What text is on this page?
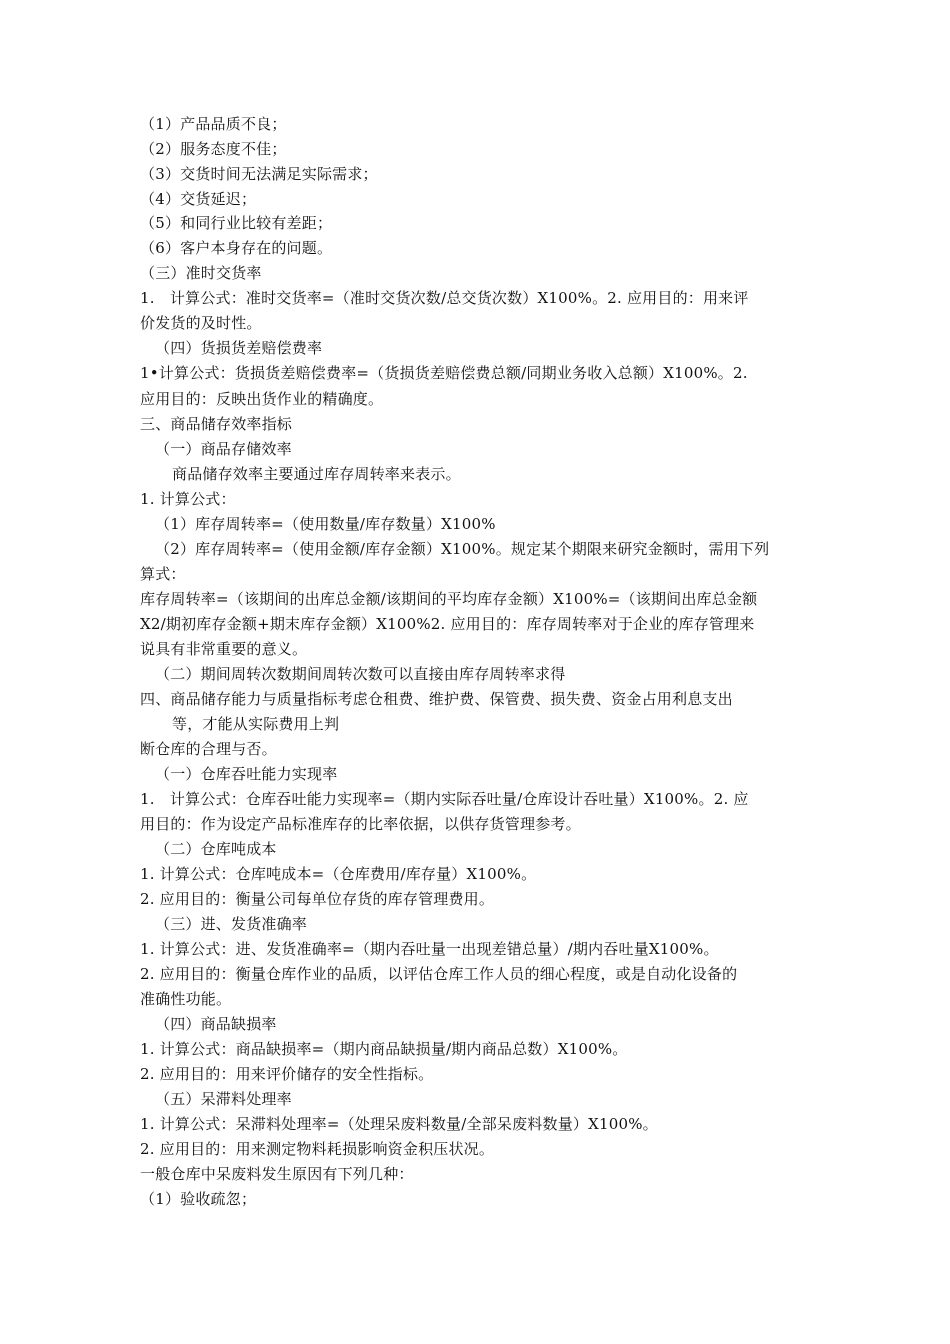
（1）产品品质不良；
（2）服务态度不佳；
（3）交货时间无法满足实际需求；
（4）交货延迟；
（5）和同行业比较有差距；
（6）客户本身存在的问题。
（三）准时交货率
1.　计算公式：准时交货率=（准时交货次数/总交货次数）X100%。2. 应用目的：用来评
价发货的及时性。
（四）货损货差赔偿费率
1•计算公式：货损货差赔偿费率=（货损货差赔偿费总额/同期业务收入总额）X100%。2.
应用目的：反映出货作业的精确度。
三、商品储存效率指标
（一）商品存储效率
商品储存效率主要通过库存周转率来表示。
1. 计算公式：
（1）库存周转率=（使用数量/库存数量）X100%
（2）库存周转率=（使用金额/库存金额）X100%。规定某个期限来研究金额时，需用下列
算式：
库存周转率=（该期间的出库总金额/该期间的平均库存金额）X100%=（该期间出库总金额
X2/期初库存金额+期末库存金额）X100%2. 应用目的：库存周转率对于企业的库存管理来
说具有非常重要的意义。
（二）期间周转次数期间周转次数可以直接由库存周转率求得
四、商品储存能力与质量指标考虑仓租费、维护费、保管费、损失费、资金占用利息支出
等，才能从实际费用上判
断仓库的合理与否。
（一）仓库吞吐能力实现率
1.　计算公式：仓库吞吐能力实现率=（期内实际吞吐量/仓库设计吞吐量）X100%。2. 应
用目的：作为设定产品标准库存的比率依据，以供存货管理参考。
（二）仓库吨成本
1. 计算公式：仓库吨成本=（仓库费用/库存量）X100%。
2. 应用目的：衡量公司每单位存货的库存管理费用。
（三）进、发货准确率
1. 计算公式：进、发货准确率=（期内吞吐量一出现差错总量）/期内吞吐量X100%。
2. 应用目的：衡量仓库作业的品质，以评估仓库工作人员的细心程度，或是自动化设备的
准确性功能。
（四）商品缺损率
1. 计算公式：商品缺损率=（期内商品缺损量/期内商品总数）X100%。
2. 应用目的：用来评价储存的安全性指标。
（五）呆滞料处理率
1. 计算公式：呆滞料处理率=（处理呆废料数量/全部呆废料数量）X100%。
2. 应用目的：用来测定物料耗损影响资金积压状况。
一般仓库中呆废料发生原因有下列几种：
（1）验收疏忽；
